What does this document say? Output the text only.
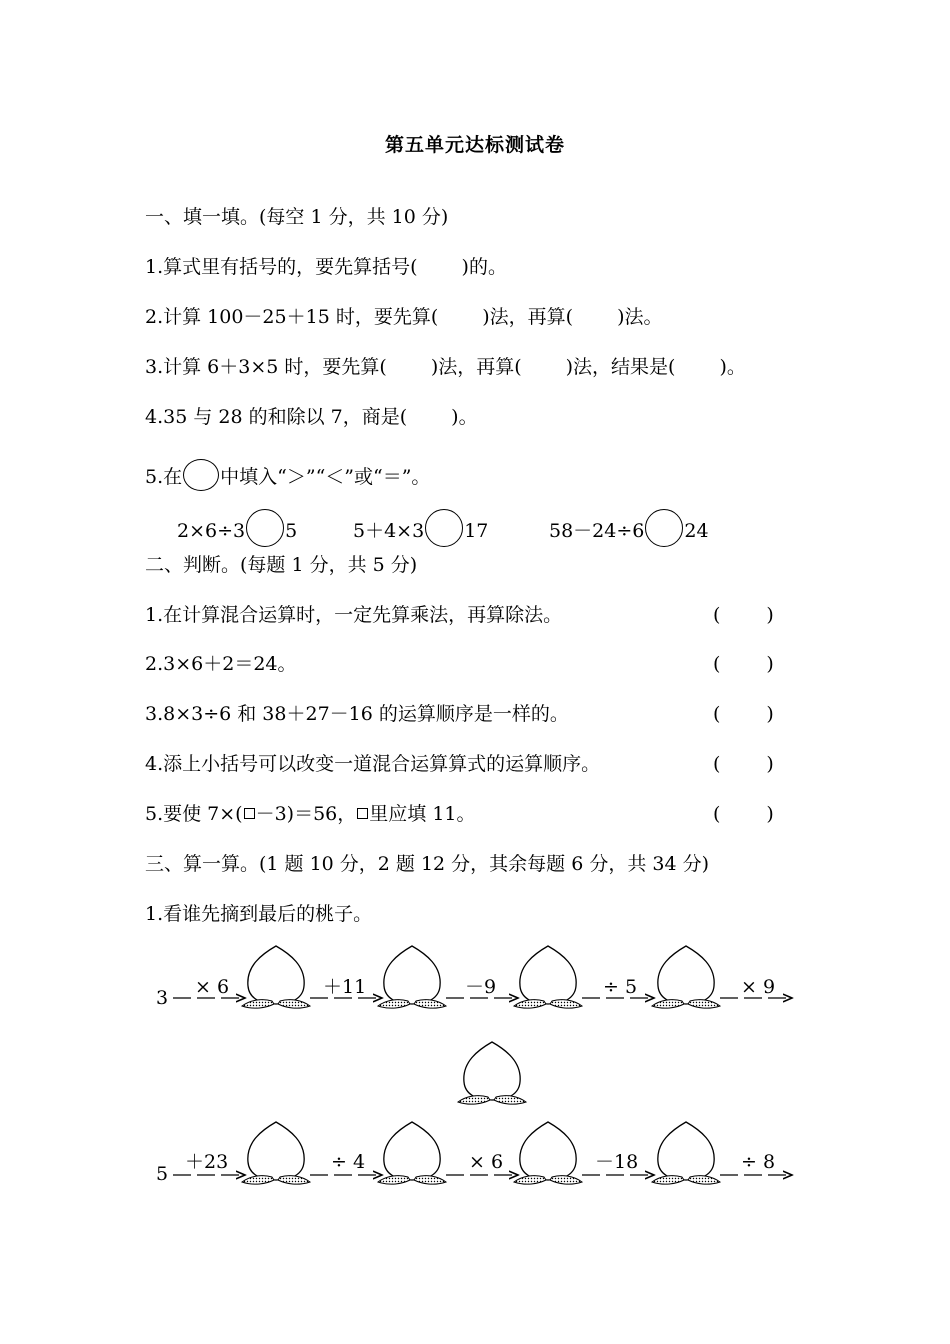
第五单元达标测试卷
一、填一填。(每空 1 分，共 10 分)
1.算式里有括号的，要先算括号( )的。
2.计算 100－25＋15 时，要先算( )法，再算( )法。
3.计算 6＋3×5 时，要先算( )法，再算( )法，结果是( )。
4.35 与 28 的和除以 7，商是( )。
5.在 中填入“＞”“＜”或“＝”。
2×6÷3 5	5＋4×3 17	58－24÷6 24
二、判断。(每题 1 分，共 5 分)
1.在计算混合运算时，一定先算乘法，再算除法。	( )
2.3×6＋2＝24。	( )
3.8×3÷6 和 38＋27－16 的运算顺序是一样的。	( )
4.添上小括号可以改变一道混合运算算式的运算顺序。	( )
5.要使 7×( －3)＝56， 里应填 11。	( )
三、算一算。(1 题 10 分，2 题 12 分，其余每题 6 分，共 34 分)
1.看谁先摘到最后的桃子。
3 × 6	＋11	－9	÷ 5	× 9
5
＋23	÷ 4	× 6	－18	÷ 8
